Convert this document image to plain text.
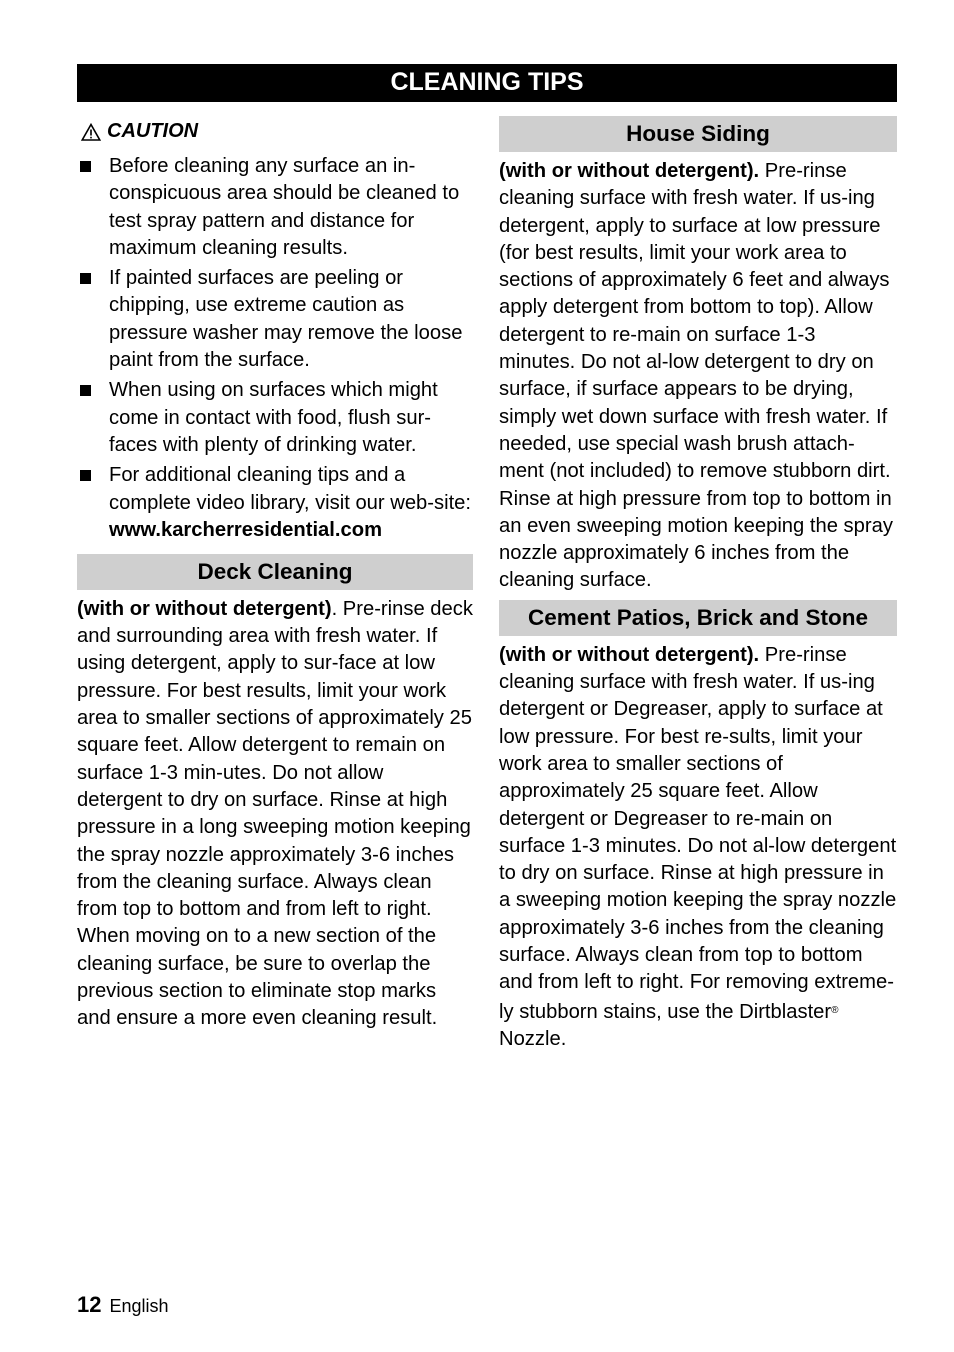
CLEANING TIPS
CAUTION
Before cleaning any surface an in-conspicuous area should be cleaned to test spray pattern and distance for maximum cleaning results.
If painted surfaces are peeling or chipping, use extreme caution as pressure washer may remove the loose paint from the surface.
When using on surfaces which might come in contact with food, flush sur-faces with plenty of drinking water.
For additional cleaning tips and a complete video library, visit our web-site:
www.karcherresidential.com
Deck Cleaning
(with or without detergent). Pre-rinse deck and surrounding area with fresh water. If using detergent, apply to sur-face at low pressure. For best results, limit your work area to smaller sections of approximately 25 square feet. Allow detergent to remain on surface 1-3 min-utes. Do not allow detergent to dry on surface. Rinse at high pressure in a long sweeping motion keeping the spray nozzle approximately 3-6 inches from the cleaning surface. Always clean from top to bottom and from left to right. When moving on to a new section of the cleaning surface, be sure to overlap the previous section to eliminate stop marks and ensure a more even cleaning result.
House Siding
(with or without detergent). Pre-rinse cleaning surface with fresh water. If us-ing detergent, apply to surface at low pressure (for best results, limit your work area to sections of approximately 6 feet and always apply detergent from bottom to top). Allow detergent to re-main on surface 1-3 minutes. Do not al-low detergent to dry on surface, if surface appears to be drying, simply wet down surface with fresh water. If needed, use special wash brush attach-ment (not included) to remove stubborn dirt. Rinse at high pressure from top to bottom in an even sweeping motion keeping the spray nozzle approximately 6 inches from the cleaning surface.
Cement Patios, Brick and Stone
(with or without detergent). Pre-rinse cleaning surface with fresh water. If us-ing detergent or Degreaser, apply to surface at low pressure. For best re-sults, limit your work area to smaller sections of approximately 25 square feet. Allow detergent or Degreaser to re-main on surface 1-3 minutes. Do not al-low detergent to dry on surface. Rinse at high pressure in a sweeping motion keeping the spray nozzle approximately 3-6 inches from the cleaning surface. Always clean from top to bottom and from left to right. For removing extreme-ly stubborn stains, use the Dirtblaster® Nozzle.
12 English
